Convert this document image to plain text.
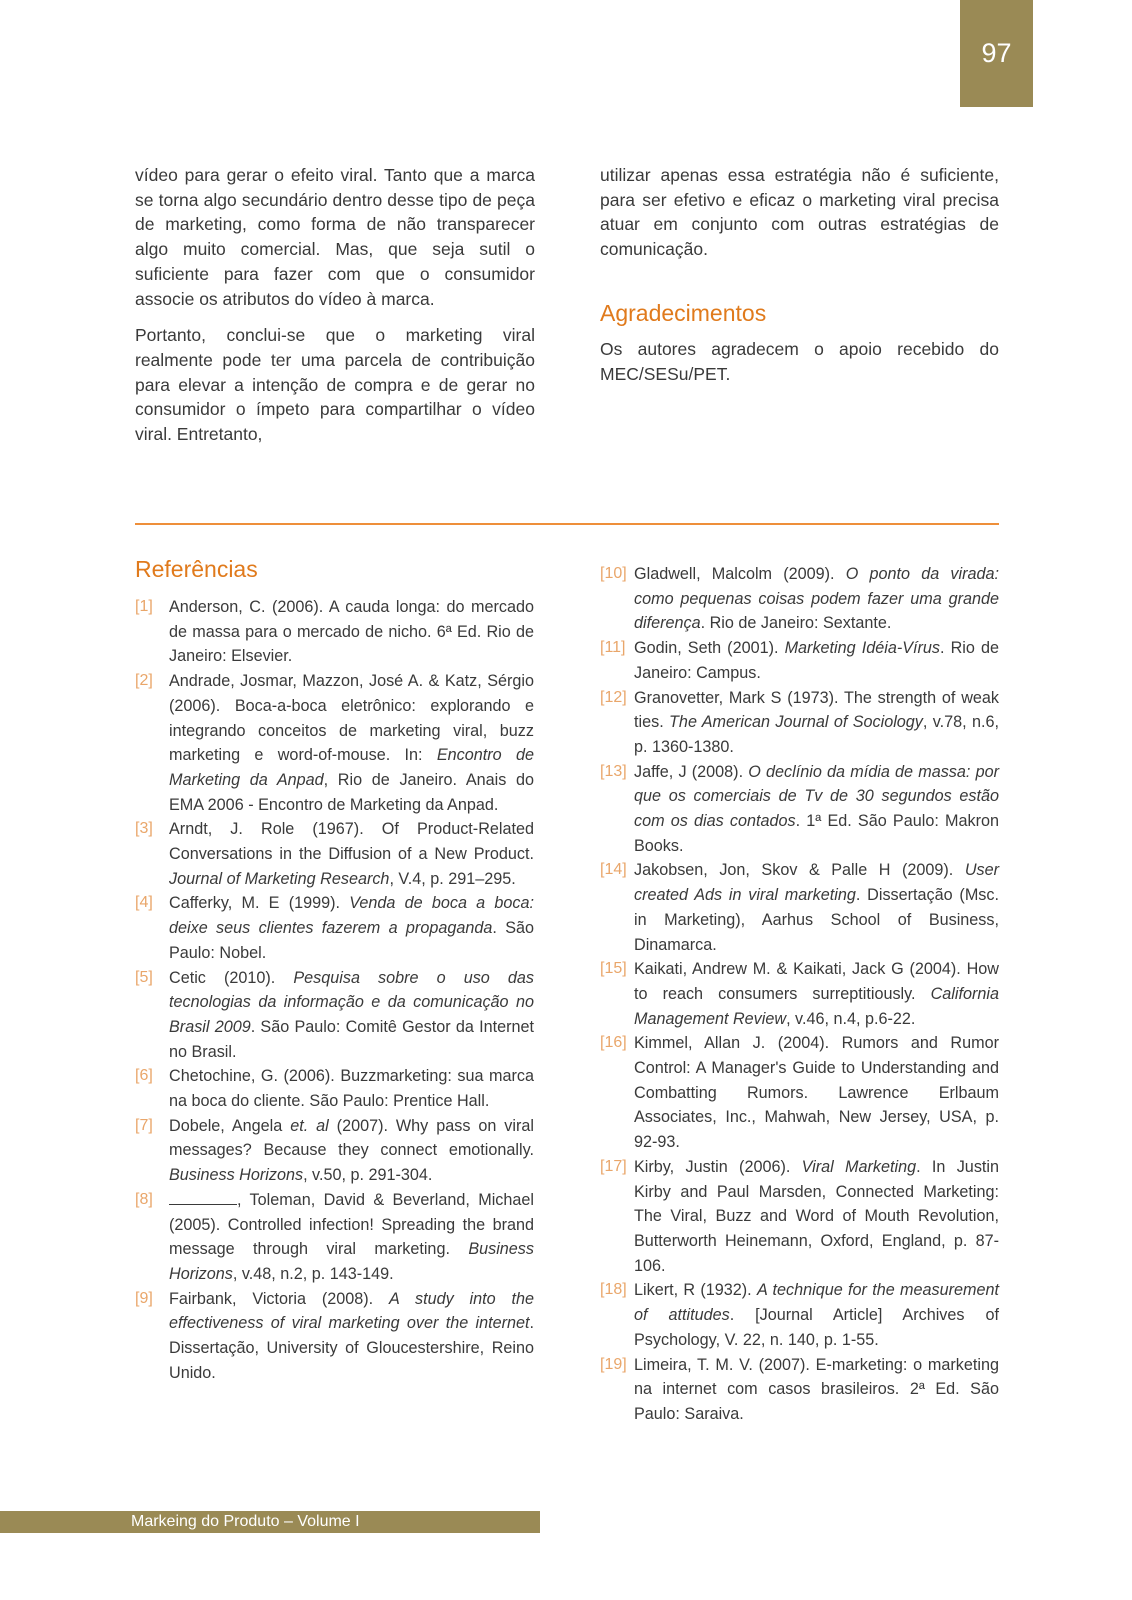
97

vídeo para gerar o efeito viral. Tanto que a marca se torna algo secundário dentro desse tipo de peça de marketing, como forma de não transparecer algo muito comercial. Mas, que seja sutil o suficiente para fazer com que o consumidor associe os atributos do vídeo à marca.

Portanto, conclui-se que o marketing viral realmente pode ter uma parcela de contribuição para elevar a intenção de compra e de gerar no consumidor o ímpeto para compartilhar o vídeo viral. Entretanto,

utilizar apenas essa estratégia não é suficiente, para ser efetivo e eficaz o marketing viral precisa atuar em conjunto com outras estratégias de comunicação.

Agradecimentos

Os autores agradecem o apoio recebido do MEC/SESu/PET.

Referências
[1] Anderson, C. (2006). A cauda longa: do mercado de massa para o mercado de nicho. 6ª Ed. Rio de Janeiro: Elsevier.
[2] Andrade, Josmar, Mazzon, José A. & Katz, Sérgio (2006). Boca-a-boca eletrônico: explorando e integrando conceitos de marketing viral, buzz marketing e word-of-mouse. In: Encontro de Marketing da Anpad, Rio de Janeiro. Anais do EMA 2006 - Encontro de Marketing da Anpad.
[3] Arndt, J. Role (1967). Of Product-Related Conversations in the Diffusion of a New Product. Journal of Marketing Research, V.4, p. 291–295.
[4] Cafferky, M. E (1999). Venda de boca a boca: deixe seus clientes fazerem a propaganda. São Paulo: Nobel.
[5] Cetic (2010). Pesquisa sobre o uso das tecnologias da informação e da comunicação no Brasil 2009. São Paulo: Comitê Gestor da Internet no Brasil.
[6] Chetochine, G. (2006). Buzzmarketing: sua marca na boca do cliente. São Paulo: Prentice Hall.
[7] Dobele, Angela et. al (2007). Why pass on viral messages? Because they connect emotionally. Business Horizons, v.50, p. 291-304.
[8]	, Toleman, David & Beverland, Michael (2005). Controlled infection! Spreading the brand message through viral marketing. Business Horizons, v.48, n.2, p. 143-149.
[9] Fairbank, Victoria (2008). A study into the effectiveness of viral marketing over the internet. Dissertação, University of Gloucestershire, Reino Unido.
[10] Gladwell, Malcolm (2009). O ponto da virada: como pequenas coisas podem fazer uma grande diferença. Rio de Janeiro: Sextante.
[11] Godin, Seth (2001). Marketing Idéia-Vírus. Rio de Janeiro: Campus.
[12] Granovetter, Mark S (1973). The strength of weak ties. The American Journal of Sociology, v.78, n.6, p. 1360-1380.
[13] Jaffe, J (2008). O declínio da mídia de massa: por que os comerciais de Tv de 30 segundos estão com os dias contados. 1ª Ed. São Paulo: Makron Books.
[14] Jakobsen, Jon, Skov & Palle H (2009). User created Ads in viral marketing. Dissertação (Msc. in Marketing), Aarhus School of Business, Dinamarca.
[15] Kaikati, Andrew M. & Kaikati, Jack G (2004). How to reach consumers surreptitiously. California Management Review, v.46, n.4, p.6-22.
[16] Kimmel, Allan J. (2004). Rumors and Rumor Control: A Manager's Guide to Understanding and Combatting Rumors. Lawrence Erlbaum Associates, Inc., Mahwah, New Jersey, USA, p. 92-93.
[17] Kirby, Justin (2006). Viral Marketing. In Justin Kirby and Paul Marsden, Connected Marketing: The Viral, Buzz and Word of Mouth Revolution, Butterworth Heinemann, Oxford, England, p. 87-106.
[18] Likert, R (1932). A technique for the measurement of attitudes. [Journal Article] Archives of Psychology, V. 22, n. 140, p. 1-55.
[19] Limeira, T. M. V. (2007). E-marketing: o marketing na internet com casos brasileiros. 2ª Ed. São Paulo: Saraiva.
Markeing do Produto – Volume I
